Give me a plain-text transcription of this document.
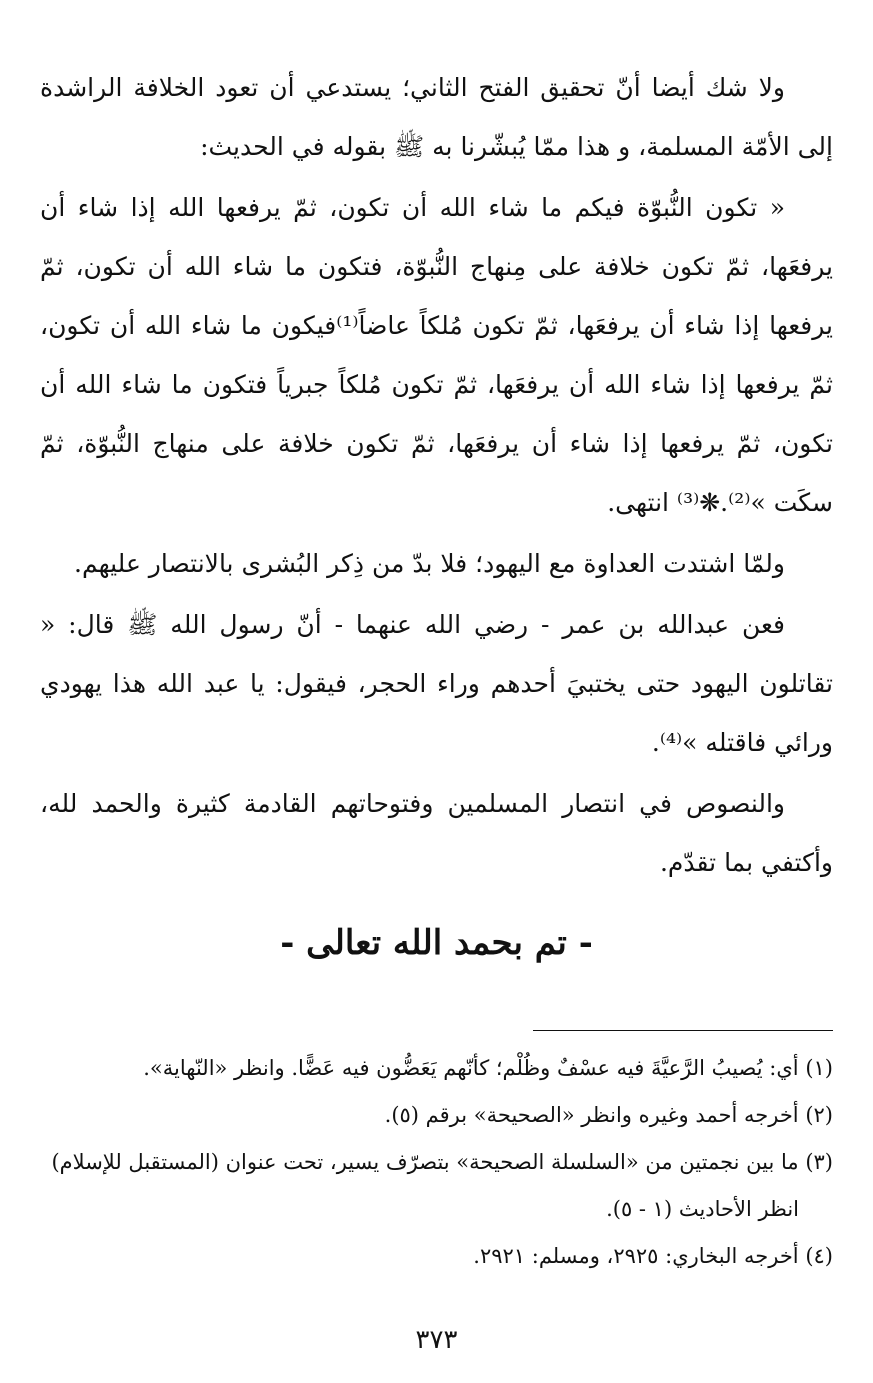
ولا شك أيضا أنّ تحقيق الفتح الثاني؛ يستدعي أن تعود الخلافة الراشدة إلى الأمّة المسلمة، و هذا ممّا يُبشّرنا به ﷺ بقوله في الحديث:

« تكون النُّبوّة فيكم ما شاء الله أن تكون، ثمّ يرفعها الله إذا شاء أن يرفعَها، ثمّ تكون خلافة على مِنهاج النُّبوّة، فتكون ما شاء الله أن تكون، ثمّ يرفعها إذا شاء أن يرفعَها، ثمّ تكون مُلكاً عاضاً⁽¹⁾فيكون ما شاء الله أن تكون، ثمّ يرفعها إذا شاء الله أن يرفعَها، ثمّ تكون مُلكاً جبرياً فتكون ما شاء الله أن تكون، ثمّ يرفعها إذا شاء أن يرفعَها، ثمّ تكون خلافة على منهاج النُّبوّة، ثمّ سكَت »⁽²⁾.❋⁽³⁾ انتهى.

ولمّا اشتدت العداوة مع اليهود؛ فلا بدّ من ذِكر البُشرى بالانتصار عليهم.

فعن عبدالله بن عمر - رضي الله عنهما - أنّ رسول الله ﷺ قال: « تقاتلون اليهود حتى يختبيَ أحدهم وراء الحجر، فيقول: يا عبد الله هذا يهودي ورائي فاقتله »⁽⁴⁾.

والنصوص في انتصار المسلمين وفتوحاتهم القادمة كثيرة والحمد لله، وأكتفي بما تقدّم.

- تم بحمد الله تعالى -

(١) أي: يُصيبُ الرَّعيَّةَ فيه عسْفٌ وظُلْم؛ كأنّهم يَعَضُّون فيه عَضًّا. وانظر «النّهاية».

(٢) أخرجه أحمد وغيره وانظر «الصحيحة» برقم (٥).

(٣) ما بين نجمتين من «السلسلة الصحيحة» بتصرّف يسير، تحت عنوان (المستقبل للإسلام)
انظر الأحاديث (١ - ٥).

(٤) أخرجه البخاري: ٢٩٢٥، ومسلم: ٢٩٢١.

٣٧٣
